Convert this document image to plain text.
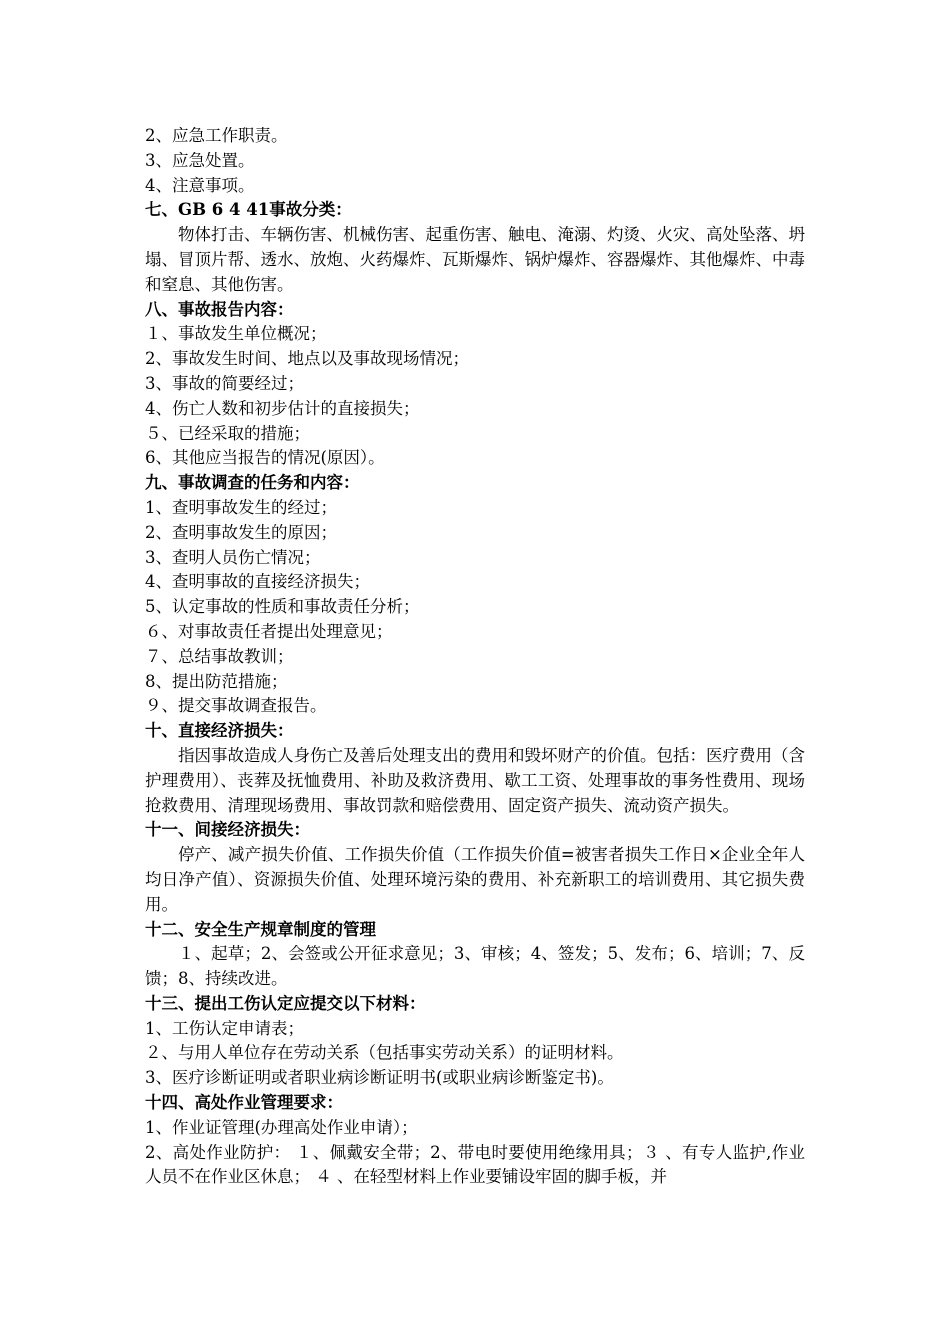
2、应急工作职责。
3、应急处置。
4、注意事项。
七、GB 6 4 41事故分类：
物体打击、车辆伤害、机械伤害、起重伤害、触电、淹溺、灼烫、火灾、高处坠落、坍塌、冒顶片帮、透水、放炮、火药爆炸、瓦斯爆炸、锅炉爆炸、容器爆炸、其他爆炸、中毒和窒息、其他伤害。
八、事故报告内容：
１、事故发生单位概况；
2、事故发生时间、地点以及事故现场情况；
3、事故的简要经过；
4、伤亡人数和初步估计的直接损失；
５、已经采取的措施；
6、其他应当报告的情况(原因）。
九、事故调查的任务和内容：
1、查明事故发生的经过；
2、查明事故发生的原因；
3、查明人员伤亡情况；
4、查明事故的直接经济损失；
5、认定事故的性质和事故责任分析；
６、对事故责任者提出处理意见；
７、总结事故教训；
8、提出防范措施；
９、提交事故调查报告。
十、直接经济损失：
指因事故造成人身伤亡及善后处理支出的费用和毁坏财产的价值。包括：医疗费用（含护理费用）、丧葬及抚恤费用、补助及救济费用、歇工工资、处理事故的事务性费用、现场抢救费用、清理现场费用、事故罚款和赔偿费用、固定资产损失、流动资产损失。
十一、间接经济损失：
停产、减产损失价值、工作损失价值（工作损失价值=被害者损失工作日×企业全年人均日净产值）、资源损失价值、处理环境污染的费用、补充新职工的培训费用、其它损失费用。
十二、安全生产规章制度的管理
１、起草；2、会签或公开征求意见；3、审核；4、签发；5、发布；6、培训；7、反馈；8、持续改进。
十三、提出工伤认定应提交以下材料：
1、工伤认定申请表；
２、与用人单位存在劳动关系（包括事实劳动关系）的证明材料。
3、医疗诊断证明或者职业病诊断证明书(或职业病诊断鉴定书)。
十四、高处作业管理要求：
1、作业证管理(办理高处作业申请）；
2、高处作业防护： １、佩戴安全带；2、带电时要使用绝缘用具；３ 、有专人监护,作业人员不在作业区休息； ４ 、在轻型材料上作业要铺设牢固的脚手板，并
